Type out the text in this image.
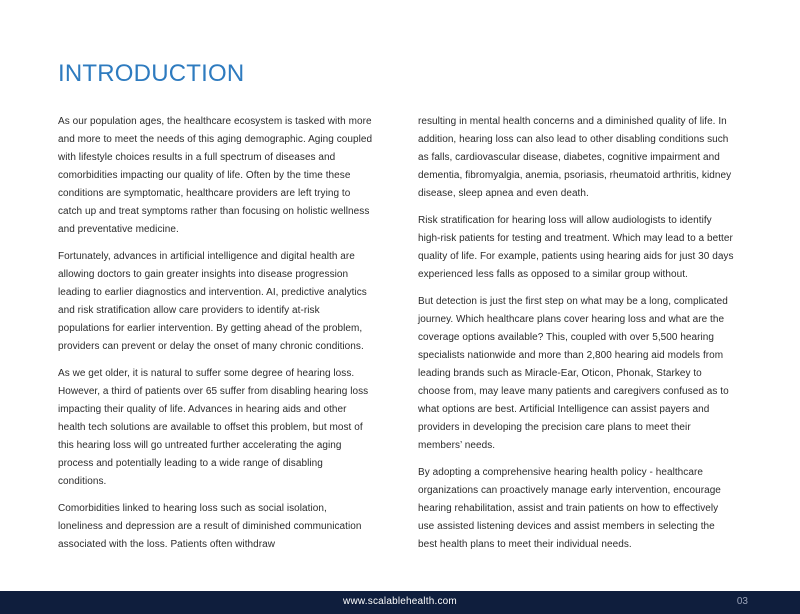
INTRODUCTION

As our population ages, the healthcare ecosystem is tasked with more and more to meet the needs of this aging demographic. Aging coupled with lifestyle choices results in a full spectrum of diseases and comorbidities impacting our quality of life. Often by the time these conditions are symptomatic, healthcare providers are left trying to catch up and treat symptoms rather than focusing on holistic wellness and preventative medicine.

Fortunately, advances in artificial intelligence and digital health are allowing doctors to gain greater insights into disease progression leading to earlier diagnostics and intervention. AI, predictive analytics and risk stratification allow care providers to identify at-risk populations for earlier intervention. By getting ahead of the problem, providers can prevent or delay the onset of many chronic conditions.

As we get older, it is natural to suffer some degree of hearing loss. However, a third of patients over 65 suffer from disabling hearing loss impacting their quality of life. Advances in hearing aids and other health tech solutions are available to offset this problem, but most of this hearing loss will go untreated further accelerating the aging process and potentially leading to a wide range of disabling conditions.

Comorbidities linked to hearing loss such as social isolation, loneliness and depression are a result of diminished communication associated with the loss. Patients often withdraw

resulting in mental health concerns and a diminished quality of life. In addition, hearing loss can also lead to other disabling conditions such as falls, cardiovascular disease, diabetes, cognitive impairment and dementia, fibromyalgia, anemia, psoriasis, rheumatoid arthritis, kidney disease, sleep apnea and even death.

Risk stratification for hearing loss will allow audiologists to identify high-risk patients for testing and treatment. Which may lead to a better quality of life. For example, patients using hearing aids for just 30 days experienced less falls as opposed to a similar group without.

But detection is just the first step on what may be a long, complicated journey. Which healthcare plans cover hearing loss and what are the coverage options available? This, coupled with over 5,500 hearing specialists nationwide and more than 2,800 hearing aid models from leading brands such as Miracle-Ear, Oticon, Phonak, Starkey to choose from, may leave many patients and caregivers confused as to what options are best. Artificial Intelligence can assist payers and providers in developing the precision care plans to meet their members’ needs.

By adopting a comprehensive hearing health policy - healthcare organizations can proactively manage early intervention, encourage hearing rehabilitation, assist and train patients on how to effectively use assisted listening devices and assist members in selecting the best health plans to meet their individual needs.

www.scalablehealth.com	03
